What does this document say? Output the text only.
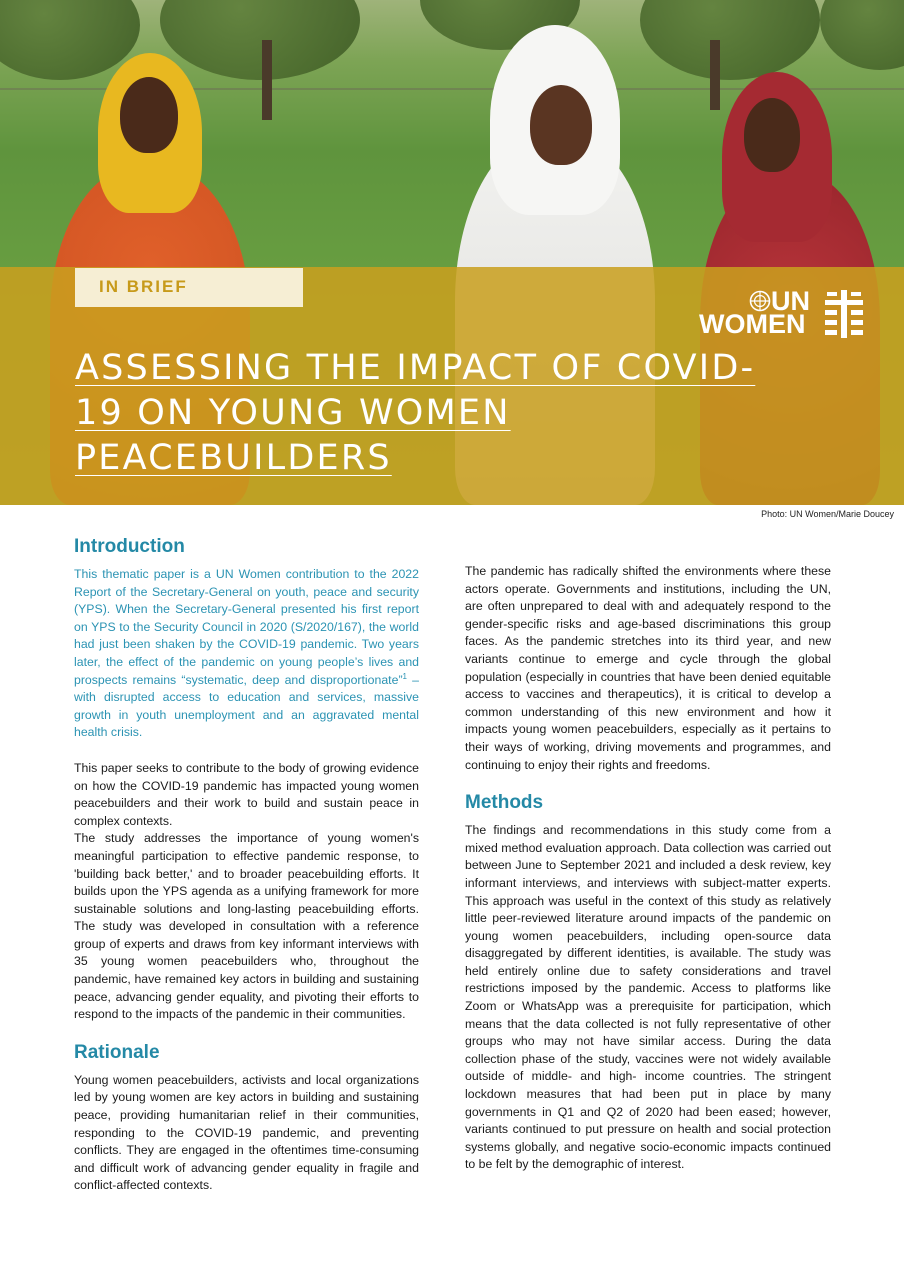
IN BRIEF	UN
WOMEN
ASSESSING THE IMPACT OF COVID-19 ON YOUNG WOMEN PEACEBUILDERS
Photo: UN Women/Marie Doucey
Introduction

This thematic paper is a UN Women contribution to the 2022 Report of the Secretary-General on youth, peace and security (YPS). When the Secretary-General presented his first report on YPS to the Security Council in 2020 (S/2020/167), the world had just been shaken by the COVID-19 pandemic. Two years later, the effect of the pandemic on young people’s lives and prospects remains “systematic, deep and disproportionate”$^1$ – with disrupted access to education and services, massive growth in youth unemployment and an aggravated mental health crisis.

This paper seeks to contribute to the body of growing evidence on how the COVID-19 pandemic has impacted young women peacebuilders and their work to build and sustain peace in complex contexts.

The study addresses the importance of young women's meaningful participation to effective pandemic response, to 'building back better,' and to broader peacebuilding efforts. It builds upon the YPS agenda as a unifying framework for more sustainable solutions and long-lasting peacebuilding efforts. The study was developed in consultation with a reference group of experts and draws from key informant interviews with 35 young women peacebuilders who, throughout the pandemic, have remained key actors in building and sustaining peace, advancing gender equality, and pivoting their efforts to respond to the impacts of the pandemic in their communities.

Rationale

Young women peacebuilders, activists and local organizations led by young women are key actors in building and sustaining peace, providing humanitarian relief in their communities, responding to the COVID-19 pandemic, and preventing conflicts. They are engaged in the oftentimes time-consuming and difficult work of advancing gender equality in fragile and conflict-affected contexts.

The pandemic has radically shifted the environments where these actors operate. Governments and institutions, including the UN, are often unprepared to deal with and adequately respond to the gender-specific risks and age-based discriminations this group faces. As the pandemic stretches into its third year, and new variants continue to emerge and cycle through the global population (especially in countries that have been denied equitable access to vaccines and therapeutics), it is critical to develop a common understanding of this new environment and how it impacts young women peacebuilders, especially as it pertains to their ways of working, driving movements and programmes, and continuing to enjoy their rights and freedoms.

Methods

The findings and recommendations in this study come from a mixed method evaluation approach. Data collection was carried out between June to September 2021 and included a desk review, key informant interviews, and interviews with subject-matter experts. This approach was useful in the context of this study as relatively little peer-reviewed literature around impacts of the pandemic on young women peacebuilders, including open-source data disaggregated by different identities, is available. The study was held entirely online due to safety considerations and travel restrictions imposed by the pandemic. Access to platforms like Zoom or WhatsApp was a prerequisite for participation, which means that the data collected is not fully representative of other groups who may not have similar access. During the data collection phase of the study, vaccines were not widely available outside of middle- and high- income countries. The stringent lockdown measures that had been put in place by many governments in Q1 and Q2 of 2020 had been eased; however, variants continued to put pressure on health and social protection systems globally, and negative socio-economic impacts continued to be felt by the demographic of interest.
